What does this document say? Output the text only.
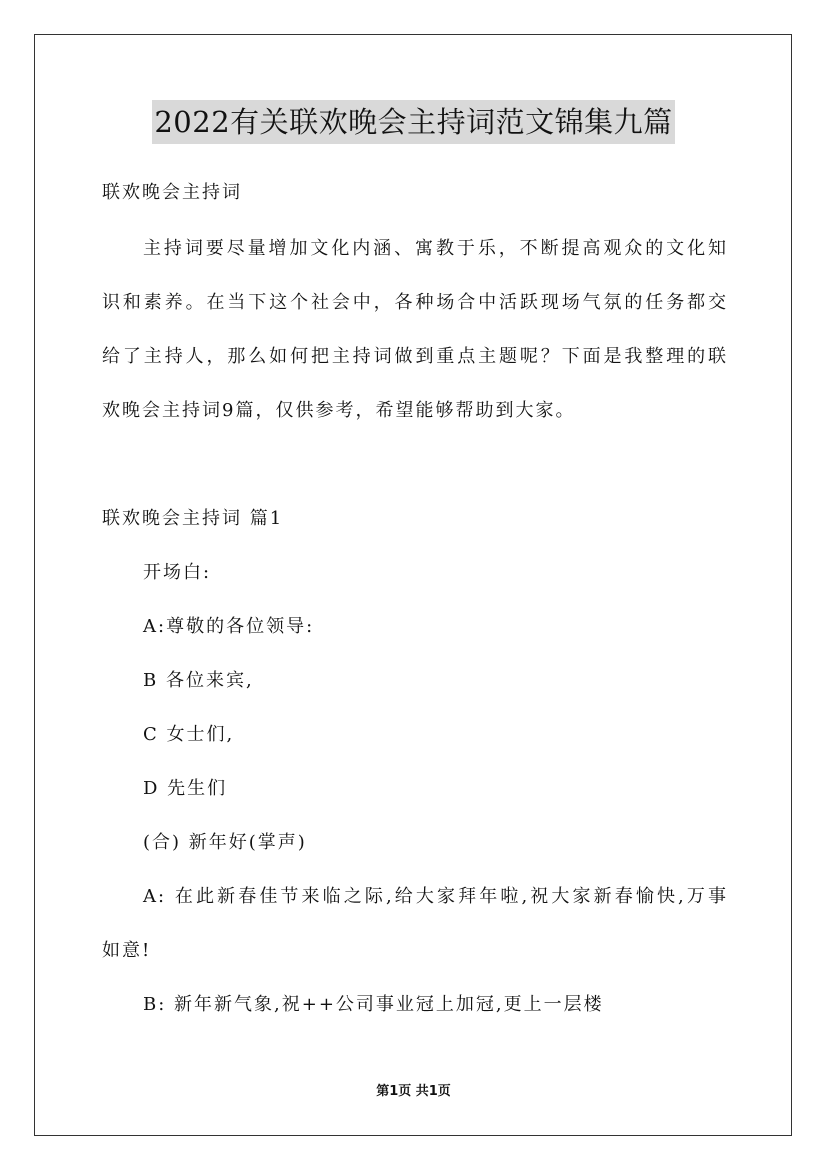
2022有关联欢晚会主持词范文锦集九篇
联欢晚会主持词
主持词要尽量增加文化内涵、寓教于乐，不断提高观众的文化知
识和素养。在当下这个社会中，各种场合中活跃现场气氛的任务都交
给了主持人，那么如何把主持词做到重点主题呢？下面是我整理的联
欢晚会主持词9篇，仅供参考，希望能够帮助到大家。
联欢晚会主持词 篇1
开场白:
A:尊敬的各位领导:
B 各位来宾,
C 女士们,
D 先生们
(合) 新年好(掌声)
A: 在此新春佳节来临之际,给大家拜年啦,祝大家新春愉快,万事
如意!
B: 新年新气象,祝++公司事业冠上加冠,更上一层楼
第1页 共1页
